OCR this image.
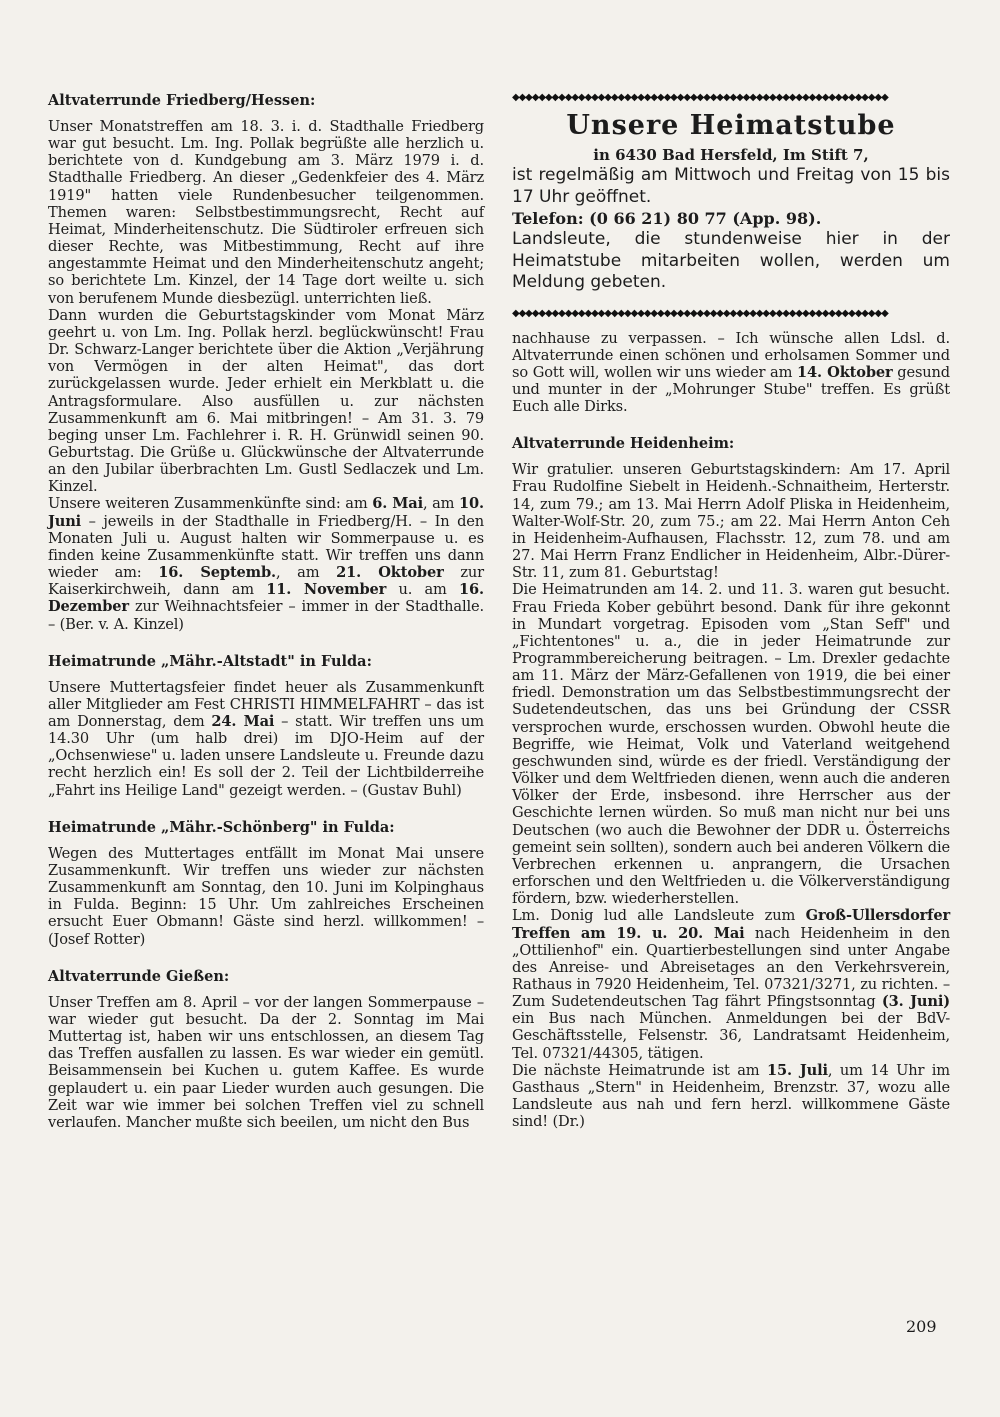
Altvaterrunde Friedberg/Hessen:

Unser Monatstreffen am 18. 3. i. d. Stadthalle Friedberg war gut besucht. Lm. Ing. Pollak begrüßte alle herzlich u. berichtete von d. Kundgebung am 3. März 1979 i. d. Stadthalle Friedberg. An dieser „Gedenkfeier des 4. März 1919" hatten viele Rundenbesucher teilgenommen. Themen waren: Selbstbestimmungsrecht, Recht auf Heimat, Minderheitenschutz. Die Südtiroler erfreuen sich dieser Rechte, was Mitbestimmung, Recht auf ihre angestammte Heimat und den Minderheitenschutz angeht; so berichtete Lm. Kinzel, der 14 Tage dort weilte u. sich von berufenem Munde diesbezügl. unterrichten ließ.

Dann wurden die Geburtstagskinder vom Monat März geehrt u. von Lm. Ing. Pollak herzl. beglückwünscht! Frau Dr. Schwarz-Langer berichtete über die Aktion „Verjährung von Vermögen in der alten Heimat", das dort zurückgelassen wurde. Jeder erhielt ein Merkblatt u. die Antragsformulare. Also ausfüllen u. zur nächsten Zusammenkunft am 6. Mai mitbringen! – Am 31. 3. 79 beging unser Lm. Fachlehrer i. R. H. Grünwidl seinen 90. Geburtstag. Die Grüße u. Glückwünsche der Altvaterrunde an den Jubilar überbrachten Lm. Gustl Sedlaczek und Lm. Kinzel.

Unsere weiteren Zusammenkünfte sind: am 6. Mai, am 10. Juni – jeweils in der Stadthalle in Friedberg/H. – In den Monaten Juli u. August halten wir Sommerpause u. es finden keine Zusammenkünfte statt. Wir treffen uns dann wieder am: 16. Septemb., am 21. Oktober zur Kaiserkirchweih, dann am 11. November u. am 16. Dezember zur Weihnachtsfeier – immer in der Stadthalle. – (Ber. v. A. Kinzel)

Heimatrunde „Mähr.-Altstadt" in Fulda:

Unsere Muttertagsfeier findet heuer als Zusammenkunft aller Mitglieder am Fest CHRISTI HIMMELFAHRT – das ist am Donnerstag, dem 24. Mai – statt. Wir treffen uns um 14.30 Uhr (um halb drei) im DJO-Heim auf der „Ochsenwiese" u. laden unsere Landsleute u. Freunde dazu recht herzlich ein! Es soll der 2. Teil der Lichtbilderreihe „Fahrt ins Heilige Land" gezeigt werden. – (Gustav Buhl)

Heimatrunde „Mähr.-Schönberg" in Fulda:

Wegen des Muttertages entfällt im Monat Mai unsere Zusammenkunft. Wir treffen uns wieder zur nächsten Zusammenkunft am Sonntag, den 10. Juni im Kolpinghaus in Fulda. Beginn: 15 Uhr. Um zahlreiches Erscheinen ersucht Euer Obmann! Gäste sind herzl. willkommen! – (Josef Rotter)

Altvaterrunde Gießen:

Unser Treffen am 8. April – vor der langen Sommerpause – war wieder gut besucht. Da der 2. Sonntag im Mai Muttertag ist, haben wir uns entschlossen, an diesem Tag das Treffen ausfallen zu lassen. Es war wieder ein gemütl. Beisammensein bei Kuchen u. gutem Kaffee. Es wurde geplaudert u. ein paar Lieder wurden auch gesungen. Die Zeit war wie immer bei solchen Treffen viel zu schnell verlaufen. Mancher mußte sich beeilen, um nicht den Bus

◆◆◆◆◆◆◆◆◆◆◆◆◆◆◆◆◆◆◆◆◆◆◆◆◆◆◆◆◆◆◆◆◆◆◆◆◆◆◆◆◆◆◆◆◆◆◆◆◆◆◆◆◆◆◆◆◆
Unsere Heimatstube
in 6430 Bad Hersfeld, Im Stift 7,

ist regelmäßig am Mittwoch und Freitag von 15 bis 17 Uhr geöffnet.

Telefon: (0 66 21) 80 77 (App. 98).

Landsleute, die stundenweise hier in der Heimatstube mitarbeiten wollen, werden um Meldung gebeten.

◆◆◆◆◆◆◆◆◆◆◆◆◆◆◆◆◆◆◆◆◆◆◆◆◆◆◆◆◆◆◆◆◆◆◆◆◆◆◆◆◆◆◆◆◆◆◆◆◆◆◆◆◆◆◆◆◆

nachhause zu verpassen. – Ich wünsche allen Ldsl. d. Altvaterrunde einen schönen und erholsamen Sommer und so Gott will, wollen wir uns wieder am 14. Oktober gesund und munter in der „Mohrunger Stube" treffen. Es grüßt Euch alle Dirks.

Altvaterrunde Heidenheim:

Wir gratulier. unseren Geburtstagskindern: Am 17. April Frau Rudolfine Siebelt in Heidenh.-Schnaitheim, Herterstr. 14, zum 79.; am 13. Mai Herrn Adolf Pliska in Heidenheim, Walter-Wolf-Str. 20, zum 75.; am 22. Mai Herrn Anton Ceh in Heidenheim-Aufhausen, Flachsstr. 12, zum 78. und am 27. Mai Herrn Franz Endlicher in Heidenheim, Albr.-Dürer-Str. 11, zum 81. Geburtstag!

Die Heimatrunden am 14. 2. und 11. 3. waren gut besucht. Frau Frieda Kober gebührt besond. Dank für ihre gekonnt in Mundart vorgetrag. Episoden vom „Stan Seff" und „Fichtentones" u. a., die in jeder Heimatrunde zur Programmbereicherung beitragen. – Lm. Drexler gedachte am 11. März der März-Gefallenen von 1919, die bei einer friedl. Demonstration um das Selbstbestimmungsrecht der Sudetendeutschen, das uns bei Gründung der CSSR versprochen wurde, erschossen wurden. Obwohl heute die Begriffe, wie Heimat, Volk und Vaterland weitgehend geschwunden sind, würde es der friedl. Verständigung der Völker und dem Weltfrieden dienen, wenn auch die anderen Völker der Erde, insbesond. ihre Herrscher aus der Geschichte lernen würden. So muß man nicht nur bei uns Deutschen (wo auch die Bewohner der DDR u. Österreichs gemeint sein sollten), sondern auch bei anderen Völkern die Verbrechen erkennen u. anprangern, die Ursachen erforschen und den Weltfrieden u. die Völkerverständigung fördern, bzw. wiederherstellen.

Lm. Donig lud alle Landsleute zum Groß-Ullersdorfer Treffen am 19. u. 20. Mai nach Heidenheim in den „Ottilienhof" ein. Quartierbestellungen sind unter Angabe des Anreise- und Abreisetages an den Verkehrsverein, Rathaus in 7920 Heidenheim, Tel. 07321/3271, zu richten. – Zum Sudetendeutschen Tag fährt Pfingstsonntag (3. Juni) ein Bus nach München. Anmeldungen bei der BdV-Geschäftsstelle, Felsenstr. 36, Landratsamt Heidenheim, Tel. 07321/44305, tätigen.

Die nächste Heimatrunde ist am 15. Juli, um 14 Uhr im Gasthaus „Stern" in Heidenheim, Brenzstr. 37, wozu alle Landsleute aus nah und fern herzl. willkommene Gäste sind! (Dr.)

209
